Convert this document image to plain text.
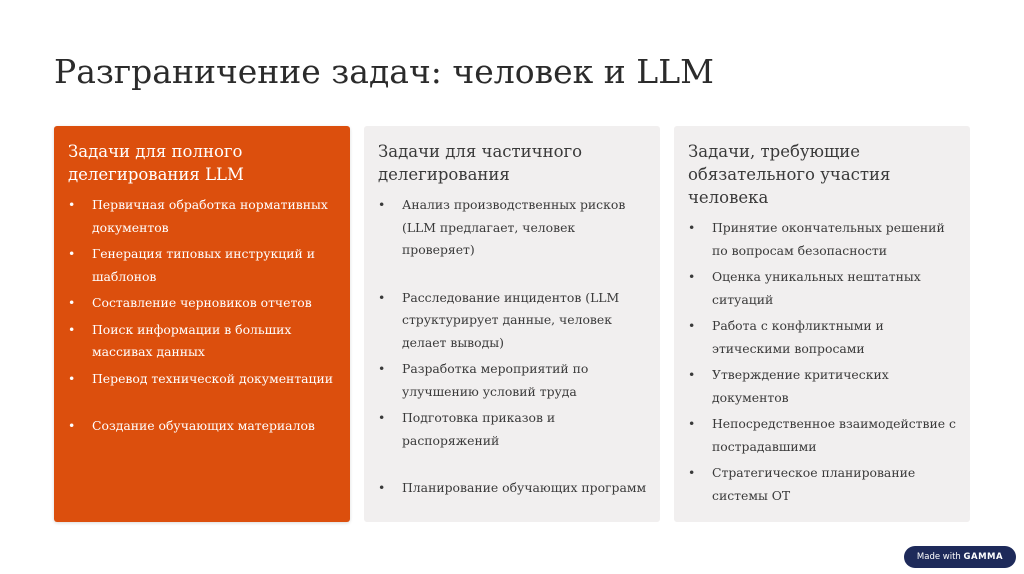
Разграничение задач: человек и LLM
Задачи для полного делегирования LLM
• Первичная обработка нормативных документов
• Генерация типовых инструкций и шаблонов
• Составление черновиков отчетов
• Поиск информации в больших массивах данных
• Перевод технической документации
• Создание обучающих материалов
Задачи для частичного делегирования
• Анализ производственных рисков (LLM предлагает, человек проверяет)
• Расследование инцидентов (LLM структурирует данные, человек делает выводы)
• Разработка мероприятий по улучшению условий труда
• Подготовка приказов и распоряжений
• Планирование обучающих программ
Задачи, требующие обязательного участия человека
• Принятие окончательных решений по вопросам безопасности
• Оценка уникальных нештатных ситуаций
• Работа с конфликтными и этическими вопросами
• Утверждение критических документов
• Непосредственное взаимодействие с пострадавшими
• Стратегическое планирование системы ОТ
Made with GAMMA
